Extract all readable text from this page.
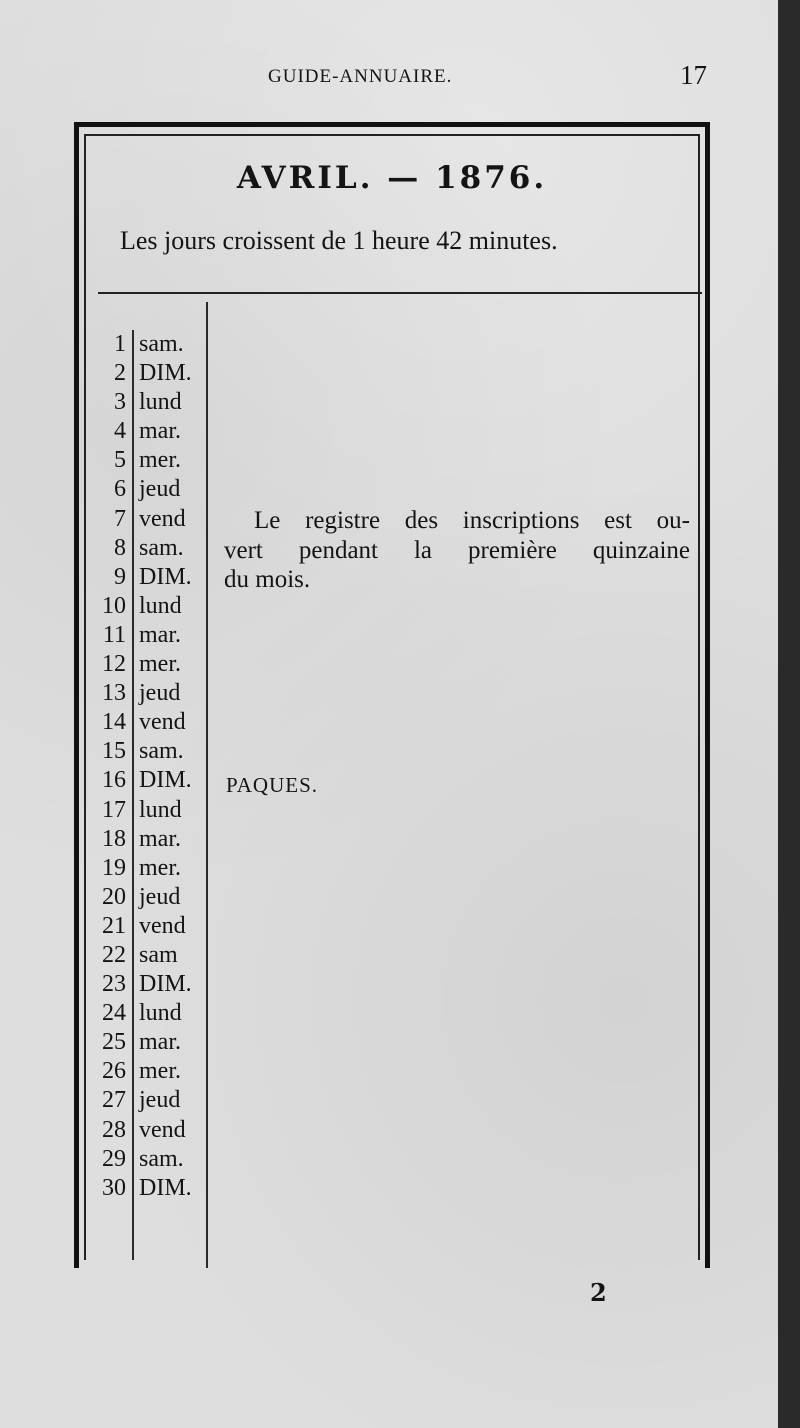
GUIDE-ANNUAIRE.	17
AVRIL. — 1876.
Les jours croissent de 1 heure 42 minutes.
1 sam.
2 DIM.
3 lund
4 mar.
5 mer.
6 jeud
7 vend
8 sam.
9 DIM.
10 lund
11 mar.
12 mer.
13 jeud
14 vend
15 sam.
16 DIM.
17 lund
18 mar.
19 mer.
20 jeud
21 vend
22 sam
23 DIM.
24 lund
25 mar.
26 mer.
27 jeud
28 vend
29 sam.
30 DIM.
Le registre des inscriptions est ou-
vert pendant la première quinzaine
du mois.
PAQUES.
2
